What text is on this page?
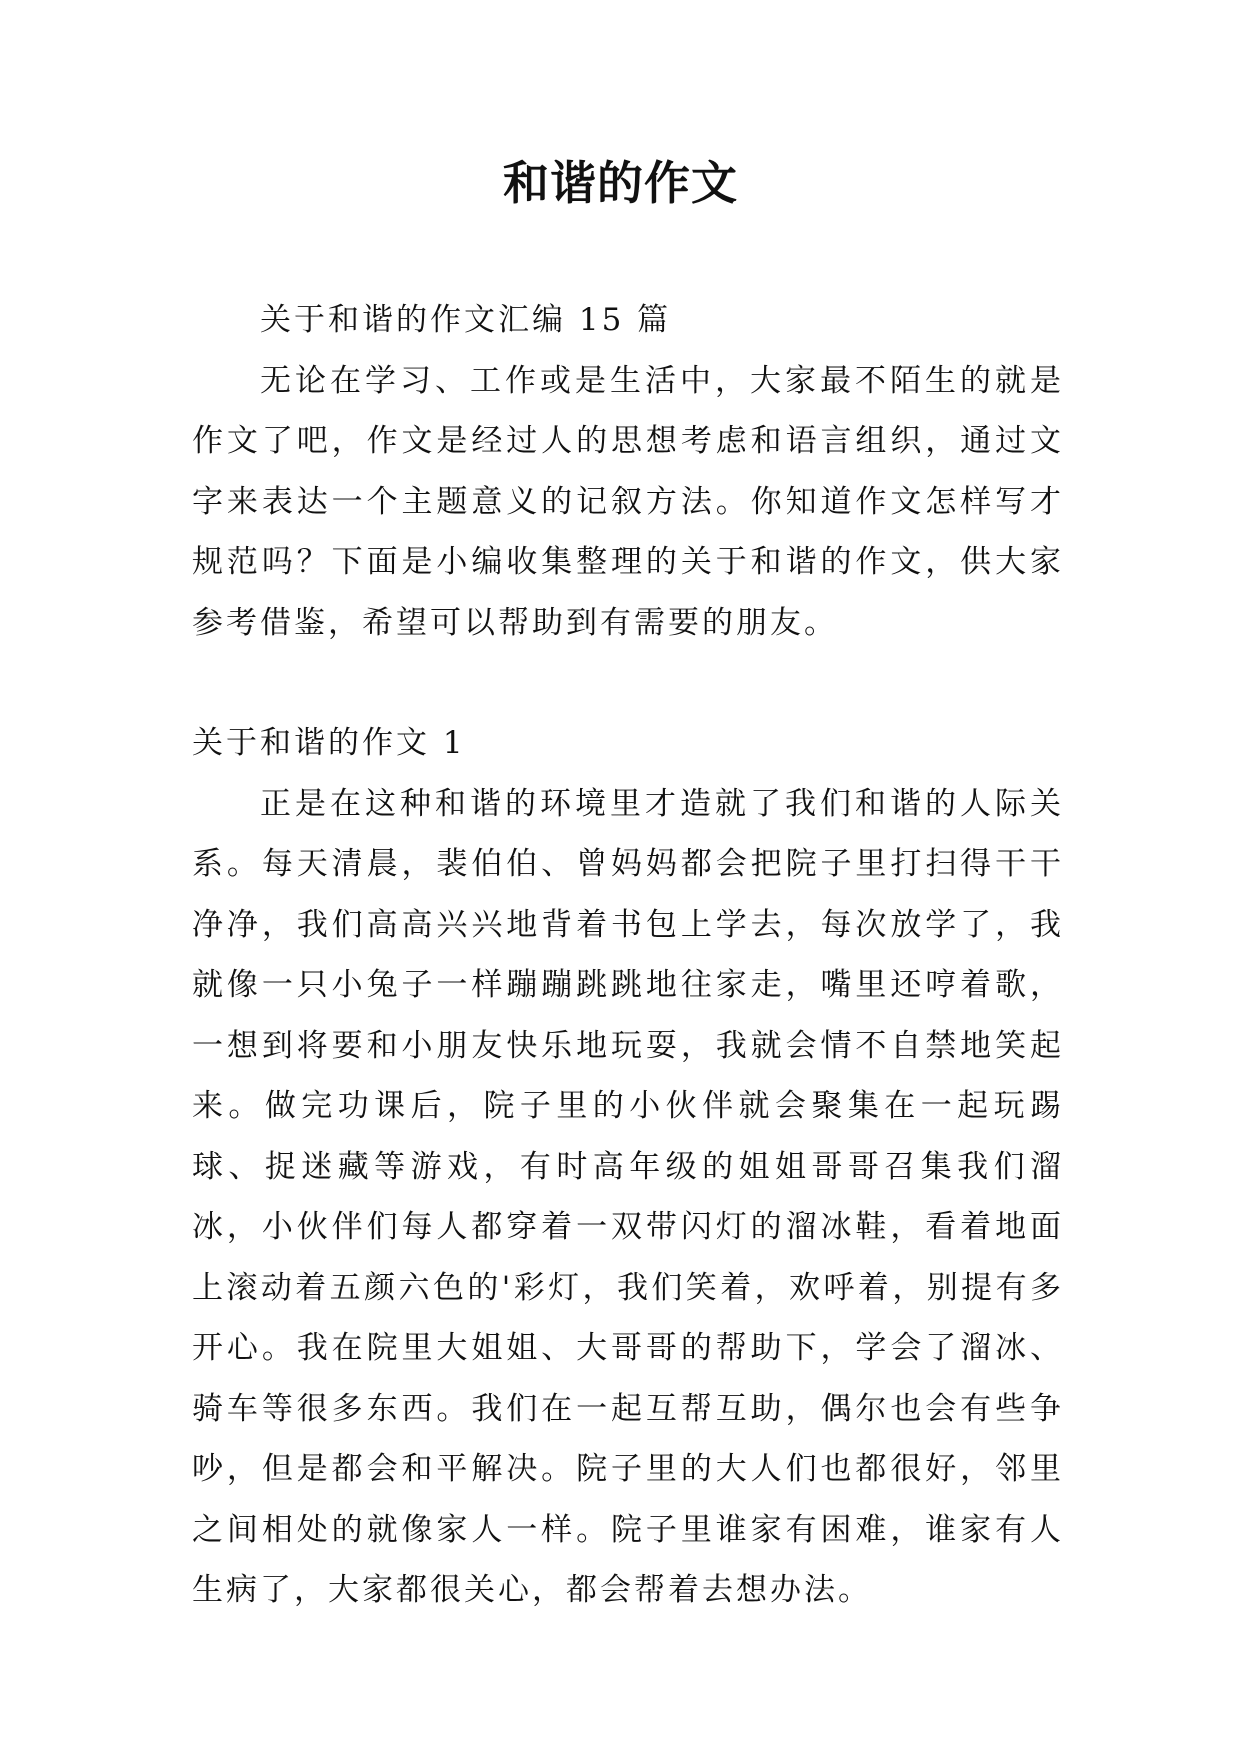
和谐的作文

关于和谐的作文汇编 15 篇

无论在学习、工作或是生活中，大家最不陌生的就是作文了吧，作文是经过人的思想考虑和语言组织，通过文字来表达一个主题意义的记叙方法。你知道作文怎样写才规范吗？下面是小编收集整理的关于和谐的作文，供大家参考借鉴，希望可以帮助到有需要的朋友。

关于和谐的作文 1

正是在这种和谐的环境里才造就了我们和谐的人际关系。每天清晨，裴伯伯、曾妈妈都会把院子里打扫得干干净净，我们高高兴兴地背着书包上学去，每次放学了，我就像一只小兔子一样蹦蹦跳跳地往家走，嘴里还哼着歌，一想到将要和小朋友快乐地玩耍，我就会情不自禁地笑起来。做完功课后，院子里的小伙伴就会聚集在一起玩踢球、捉迷藏等游戏，有时高年级的姐姐哥哥召集我们溜冰，小伙伴们每人都穿着一双带闪灯的溜冰鞋，看着地面上滚动着五颜六色的'彩灯，我们笑着，欢呼着，别提有多开心。我在院里大姐姐、大哥哥的帮助下，学会了溜冰、骑车等很多东西。我们在一起互帮互助，偶尔也会有些争吵，但是都会和平解决。院子里的大人们也都很好，邻里之间相处的就像家人一样。院子里谁家有困难，谁家有人生病了，大家都很关心，都会帮着去想办法。
